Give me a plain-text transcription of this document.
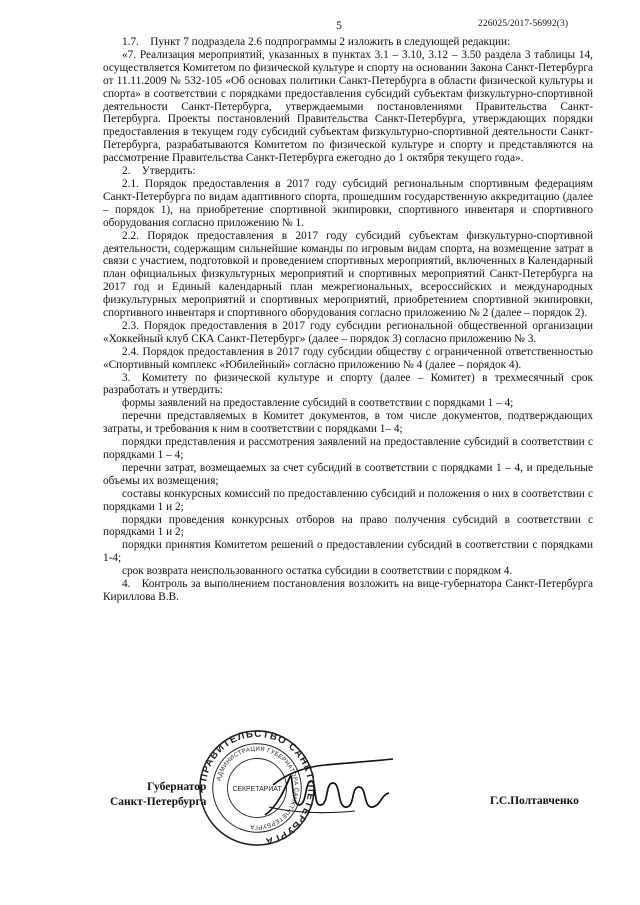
5	226025/2017-56992(3)

1.7. Пункт 7 подраздела 2.6 подпрограммы 2 изложить в следующей редакции:

«7. Реализация мероприятий, указанных в пунктах 3.1 – 3.10, 3.12 – 3.50 раздела 3 таблицы 14, осуществляется Комитетом по физической культуре и спорту на основании Закона Санкт-Петербурга от 11.11.2009 № 532-105 «Об основах политики Санкт-Петербурга в области физической культуры и спорта» в соответствии с порядками предоставления субсидий субъектам физкультурно-спортивной деятельности Санкт-Петербурга, утверждаемыми постановлениями Правительства Санкт-Петербурга. Проекты постановлений Правительства Санкт-Петербурга, утверждающих порядки предоставления в текущем году субсидий субъектам физкультурно-спортивной деятельности Санкт-Петербурга, разрабатываются Комитетом по физической культуре и спорту и представляются на рассмотрение Правительства Санкт-Петербурга ежегодно до 1 октября текущего года».

2. Утвердить:

2.1. Порядок предоставления в 2017 году субсидий региональным спортивным федерациям Санкт-Петербурга по видам адаптивного спорта, прошедшим государственную аккредитацию (далее – порядок 1), на приобретение спортивной экипировки, спортивного инвентаря и спортивного оборудования согласно приложению № 1.

2.2. Порядок предоставления в 2017 году субсидий субъектам физкультурно-спортивной деятельности, содержащим сильнейшие команды по игровым видам спорта, на возмещение затрат в связи с участием, подготовкой и проведением спортивных мероприятий, включенных в Календарный план официальных физкультурных мероприятий и спортивных мероприятий Санкт-Петербурга на 2017 год и Единый календарный план межрегиональных, всероссийских и международных физкультурных мероприятий и спортивных мероприятий, приобретением спортивной экипировки, спортивного инвентаря и спортивного оборудования согласно приложению № 2 (далее – порядок 2).

2.3. Порядок предоставления в 2017 году субсидии региональной общественной организации «Хоккейный клуб СКА Санкт-Петербург» (далее – порядок 3) согласно приложению № 3.

2.4. Порядок предоставления в 2017 году субсидии обществу с ограниченной ответственностью «Спортивный комплекс «Юбилейный» согласно приложению № 4 (далее – порядок 4).

3. Комитету по физической культуре и спорту (далее – Комитет) в трехмесячный срок разработать и утвердить:

формы заявлений на предоставление субсидий в соответствии с порядками 1 – 4;

перечни представляемых в Комитет документов, в том числе документов, подтверждающих затраты, и требования к ним в соответствии с порядками 1– 4;

порядки представления и рассмотрения заявлений на предоставление субсидий в соответствии с порядками 1 – 4;

перечни затрат, возмещаемых за счет субсидий в соответствии с порядками 1 – 4, и предельные объемы их возмещения;

составы конкурсных комиссий по предоставлению субсидий и положения о них в соответствии с порядками 1 и 2;

порядки проведения конкурсных отборов на право получения субсидий в соответствии с порядками 1 и 2;

порядки принятия Комитетом решений о предоставлении субсидий в соответствии с порядками 1-4;

срок возврата неиспользованного остатка субсидии в соответствии с порядком 4.

4. Контроль за выполнением постановления возложить на вице-губернатора Санкт-Петербурга Кириллова В.В.

ПРАВИТЕЛЬСТВО САНКТ-ПЕТЕРБУРГА
АДМИНИСТРАЦИЯ ГУБЕРНАТОРА САНКТ-ПЕТЕРБУРГА
СЕКРЕТАРИАТ
Губернатор
Санкт-Петербурга	Г.С.Полтавченко
